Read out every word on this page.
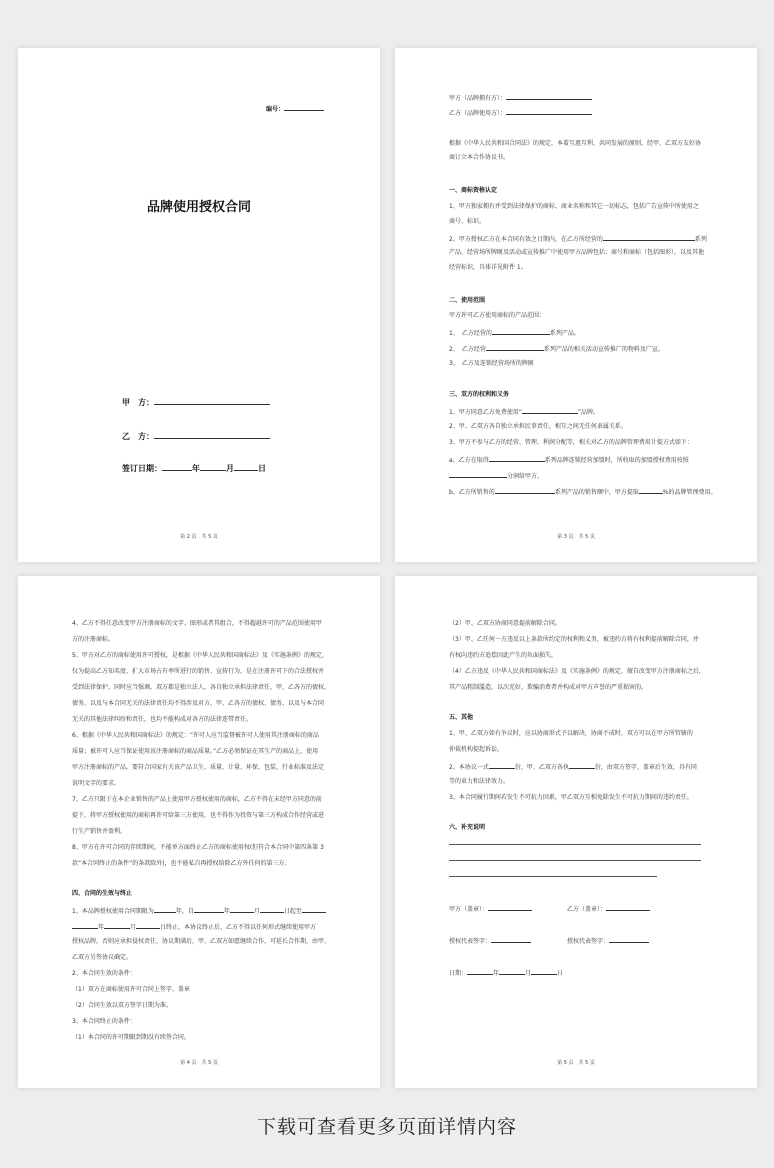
编号：
品牌使用授权合同
甲　方：
乙　方：
签订日期：	年	月	日
第 2 页　共 5 页
甲方（品牌拥有方）：
乙方（品牌使用方）：
根据《中华人民共和国合同法》的规定，本着互惠互利、共同发展的原则，经甲、乙双方友好协
商订立本合作协议书。
一、商标资格认定
1、甲方独家拥有并受到法律保护的商标、商业名称和其它一切标志，包括广告宣传中所使用之
商号、标识。
2、甲方授权乙方在本合同有效之日期内，在乙方所经营的	系列
产品、经营场所牌匾及活动或宣传推广中使用甲方品牌包括：商号和商标（包括图形），以及其他
经营标识，具体详见附件 1。
二、使用范围
甲方许可乙方使用商标的产品范围：
1、　乙方经营的	系列产品。
2、　乙方经营	系列产品的相关活动宣传推广的物料及广宣。
3、　乙方及连锁经营场所的牌匾
三、双方的权利和义务
1、甲方同意乙方免费使用“	”品牌。
2、甲、乙双方各自独立承担民事责任，相互之间无任何隶属关系。
3、甲方不参与乙方的经营、管理、利润分配等，相关对乙方的品牌管理费用计提方式如下：
a、乙方在取得	系列品牌连锁经营加盟时，所收取的加盟授权费用按照
分润给甲方。
b、乙方所销售的	系列产品的销售额中，甲方提取	%的品牌管理费用。
第 3 页　共 5 页
4、乙方不得任意改变甲方注册商标的文字、图形或者其组合，不得超越许可的产品范围使用甲
方的注册商标。
5、甲方对乙方的商标使用许可授权，是根据《中华人民共和国商标法》及《实施条例》的规定，
仅为提高乙方知名度、扩大市场占有率所进行的销售、宣传行为，是在注册许可下的合法授权并
受到法律保护，同时应当强调，双方都是独立法人，各自独立承担法律责任，甲、乙各方的债权、
债务，以及与本合同无关的法律责任均不得涉及对方，甲、乙各方的债权、债务，以及与本合同
无关的其他法律纠纷和责任，也均不能构成对各方的法律连带责任。
6、根据《中华人民共和国商标法》的规定：“许可人应当监督被许可人使用其注册商标的商品
质量；被许可人应当保证使用该注册商标的商品质量。”乙方必须保证在其生产的商品上，使用
甲方注册商标的产品，要符合国家有关该产品卫生、质量、计量、环保、包装、行业标准及法定
说明文字的要求。
7、乙方只限于在本企业销售的产品上使用甲方授权使用的商标，乙方不得在未经甲方同意的前
提下，将甲方授权使用的商标再许可给第三方使用，也不得作为投资与第三方构成合作经营或进
行生产销售并盈利。
8、甲方在许可合同的存续期间，不能单方面终止乙方的商标使用权(但符合本合同中第四条第 3
款“本合同终止的条件”的条款除外)，也不能私自再授权给除乙方外任何的第三方。
四、合同的生效与终止
1、本品牌授权使用合同期限为	年，自	年	月	日起至
年	月	日终止，本协议终止后，乙方不得以任何形式继续使用甲方
授权品牌，否则应承担侵权责任，协议期满后，甲、乙双方如愿继续合作，可延长合作期，由甲、
乙双方另签协议确定。
2、本合同生效的条件：
（1）双方在商标使用许可合同上签字、盖章
（2）合同生效以双方签字日期为准。
3、本合同终止的条件：
（1）本合同的许可期限到期没有续签合同。
第 4 页　共 5 页
（2）甲、乙双方协商同意提前解除合同。
（3）甲、乙任何一方违反以上条款所约定的权利和义务，被违约方将有权利提前解除合同，并
有权向违约方追偿因此产生的负面损失。
（4）乙方违反《中华人民共和国商标法》及《实施条例》的规定，擅自改变甲方注册商标之后，
其产品粗制滥造，以次充好，欺骗消费者并构成对甲方声誉的严重损害的。
五、其他
1、甲、乙双方如有争议时，应以协商形式予以解决，协商不成时，双方可以在甲方所管辖的
仲裁机构提起诉讼。
2、本协议一式	份，甲、乙双方各执	份，由双方签字、盖章后生效，具有同
等的束力和法律效力。
3、本合同履行期间若发生不可抗力因素，甲乙双方互相免除发生不可抗力期间的违约责任。
六、补充说明
甲方（盖章）：	乙方（盖章）：
授权代表签字：	授权代表签字：
日期：	年	月	日
第 5 页　共 5 页
下载可查看更多页面详情内容
